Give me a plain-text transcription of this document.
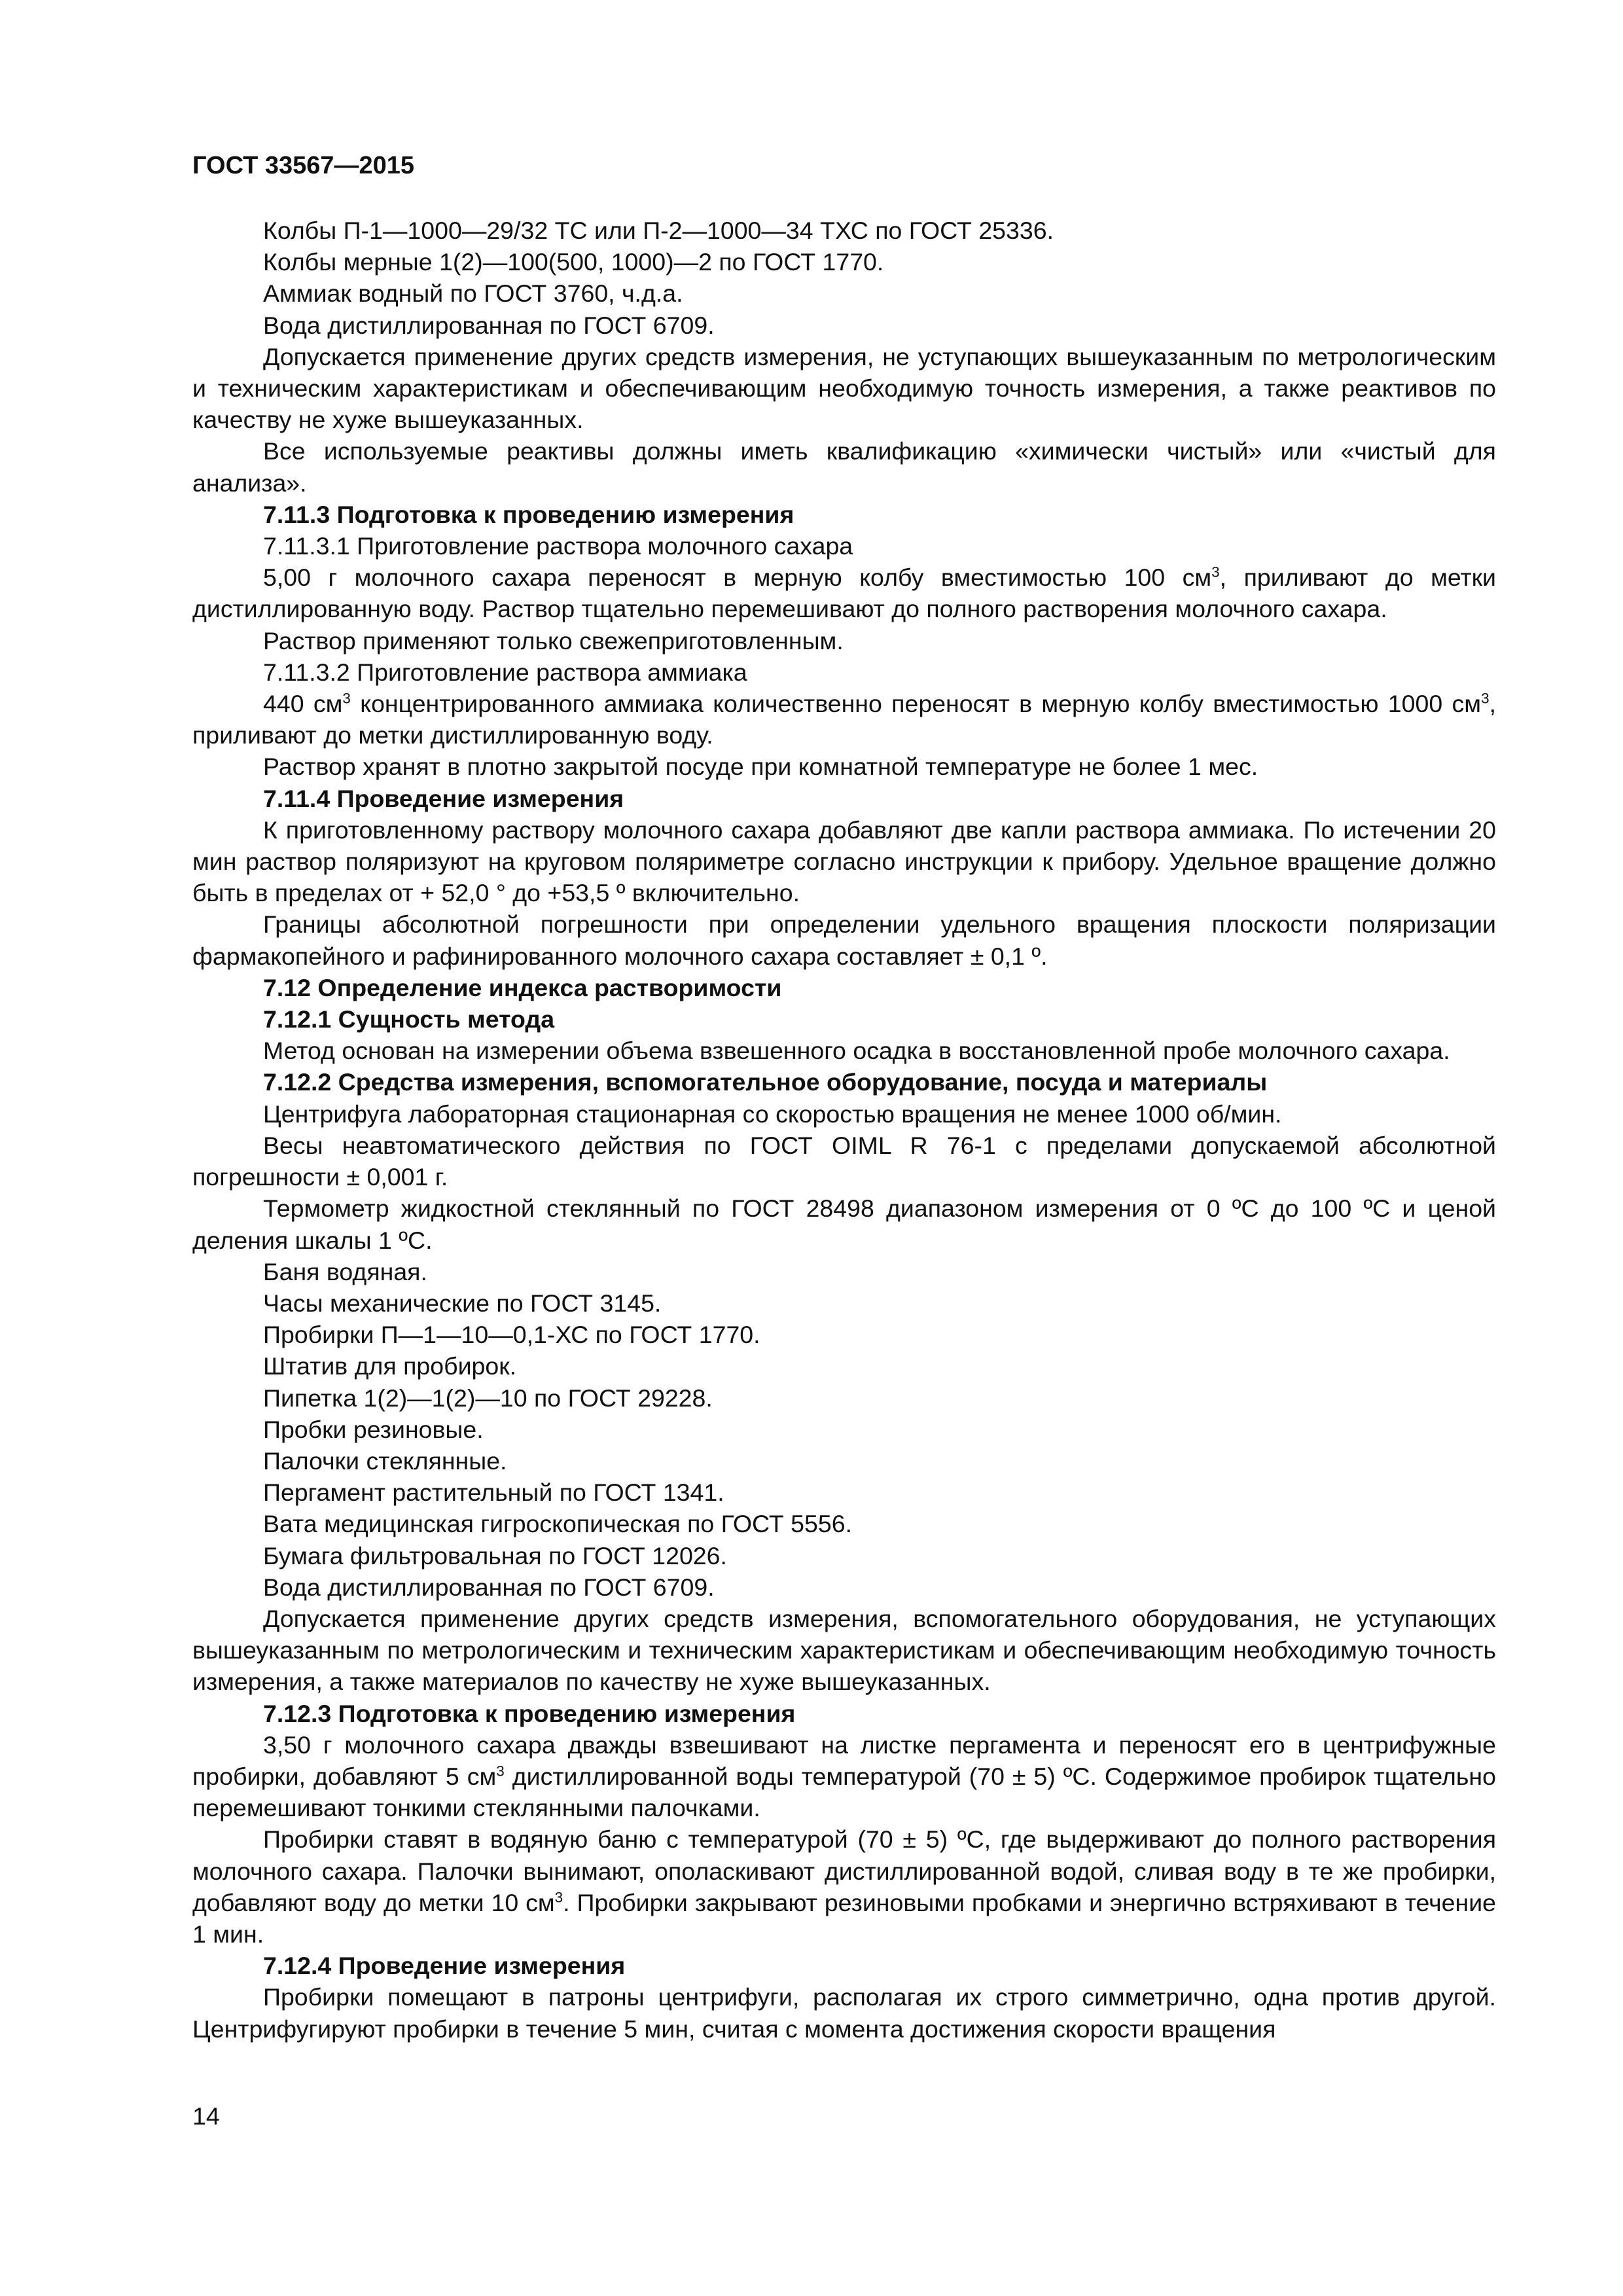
ГОСТ 33567—2015

Колбы П-1—1000—29/32 ТС или П-2—1000—34 ТХС по ГОСТ 25336.

Колбы мерные 1(2)—100(500, 1000)—2 по ГОСТ 1770.

Аммиак водный по ГОСТ 3760, ч.д.а.

Вода дистиллированная по ГОСТ 6709.

Допускается применение других средств измерения, не уступающих вышеуказанным по метрологическим и техническим характеристикам и обеспечивающим необходимую точность измерения, а также реактивов по качеству не хуже вышеуказанных.

Все используемые реактивы должны иметь квалификацию «химически чистый» или «чистый для анализа».

7.11.3 Подготовка к проведению измерения

7.11.3.1 Приготовление раствора молочного сахара

5,00 г молочного сахара переносят в мерную колбу вместимостью 100 $см^3$, приливают до метки дистиллированную воду. Раствор тщательно перемешивают до полного растворения молочного сахара.

Раствор применяют только свежеприготовленным.

7.11.3.2 Приготовление раствора аммиака

440 $см^3$ концентрированного аммиака количественно переносят в мерную колбу вместимостью 1000 $см^3$, приливают до метки дистиллированную воду.

Раствор хранят в плотно закрытой посуде при комнатной температуре не более 1 мес.

7.11.4 Проведение измерения

К приготовленному раствору молочного сахара добавляют две капли раствора аммиака. По истечении 20 мин раствор поляризуют на круговом поляриметре согласно инструкции к прибору. Удельное вращение должно быть в пределах от + 52,0 ° до +53,5 º включительно.

Границы абсолютной погрешности при определении удельного вращения плоскости поляризации фармакопейного и рафинированного молочного сахара составляет ± 0,1 º.

7.12 Определение индекса растворимости

7.12.1 Сущность метода

Метод основан на измерении объема взвешенного осадка в восстановленной пробе молочного сахара.

7.12.2 Средства измерения, вспомогательное оборудование, посуда и материалы

Центрифуга лабораторная стационарная со скоростью вращения не менее 1000 об/мин.

Весы неавтоматического действия по ГОСТ OIML R 76-1 с пределами допускаемой абсолютной погрешности ± 0,001 г.

Термометр жидкостной стеклянный по ГОСТ 28498 диапазоном измерения от 0 ºС до 100 ºС и ценой деления шкалы 1 ºС.

Баня водяная.

Часы механические по ГОСТ 3145.

Пробирки П—1—10—0,1-ХС по ГОСТ 1770.

Штатив для пробирок.

Пипетка 1(2)—1(2)—10 по ГОСТ 29228.

Пробки резиновые.

Палочки стеклянные.

Пергамент растительный по ГОСТ 1341.

Вата медицинская гигроскопическая по ГОСТ 5556.

Бумага фильтровальная по ГОСТ 12026.

Вода дистиллированная по ГОСТ 6709.

Допускается применение других средств измерения, вспомогательного оборудования, не уступающих вышеуказанным по метрологическим и техническим характеристикам и обеспечивающим необходимую точность измерения, а также материалов по качеству не хуже вышеуказанных.

7.12.3 Подготовка к проведению измерения

3,50 г молочного сахара дважды взвешивают на листке пергамента и переносят его в центрифужные пробирки, добавляют 5 $см^3$ дистиллированной воды температурой (70 ± 5) ºС. Содержимое пробирок тщательно перемешивают тонкими стеклянными палочками.

Пробирки ставят в водяную баню с температурой (70 ± 5) ºС, где выдерживают до полного растворения молочного сахара. Палочки вынимают, ополаскивают дистиллированной водой, сливая воду в те же пробирки, добавляют воду до метки 10 $см^3$. Пробирки закрывают резиновыми пробками и энергично встряхивают в течение 1 мин.

7.12.4 Проведение измерения

Пробирки помещают в патроны центрифуги, располагая их строго симметрично, одна против другой. Центрифугируют пробирки в течение 5 мин, считая с момента достижения скорости вращения

14
